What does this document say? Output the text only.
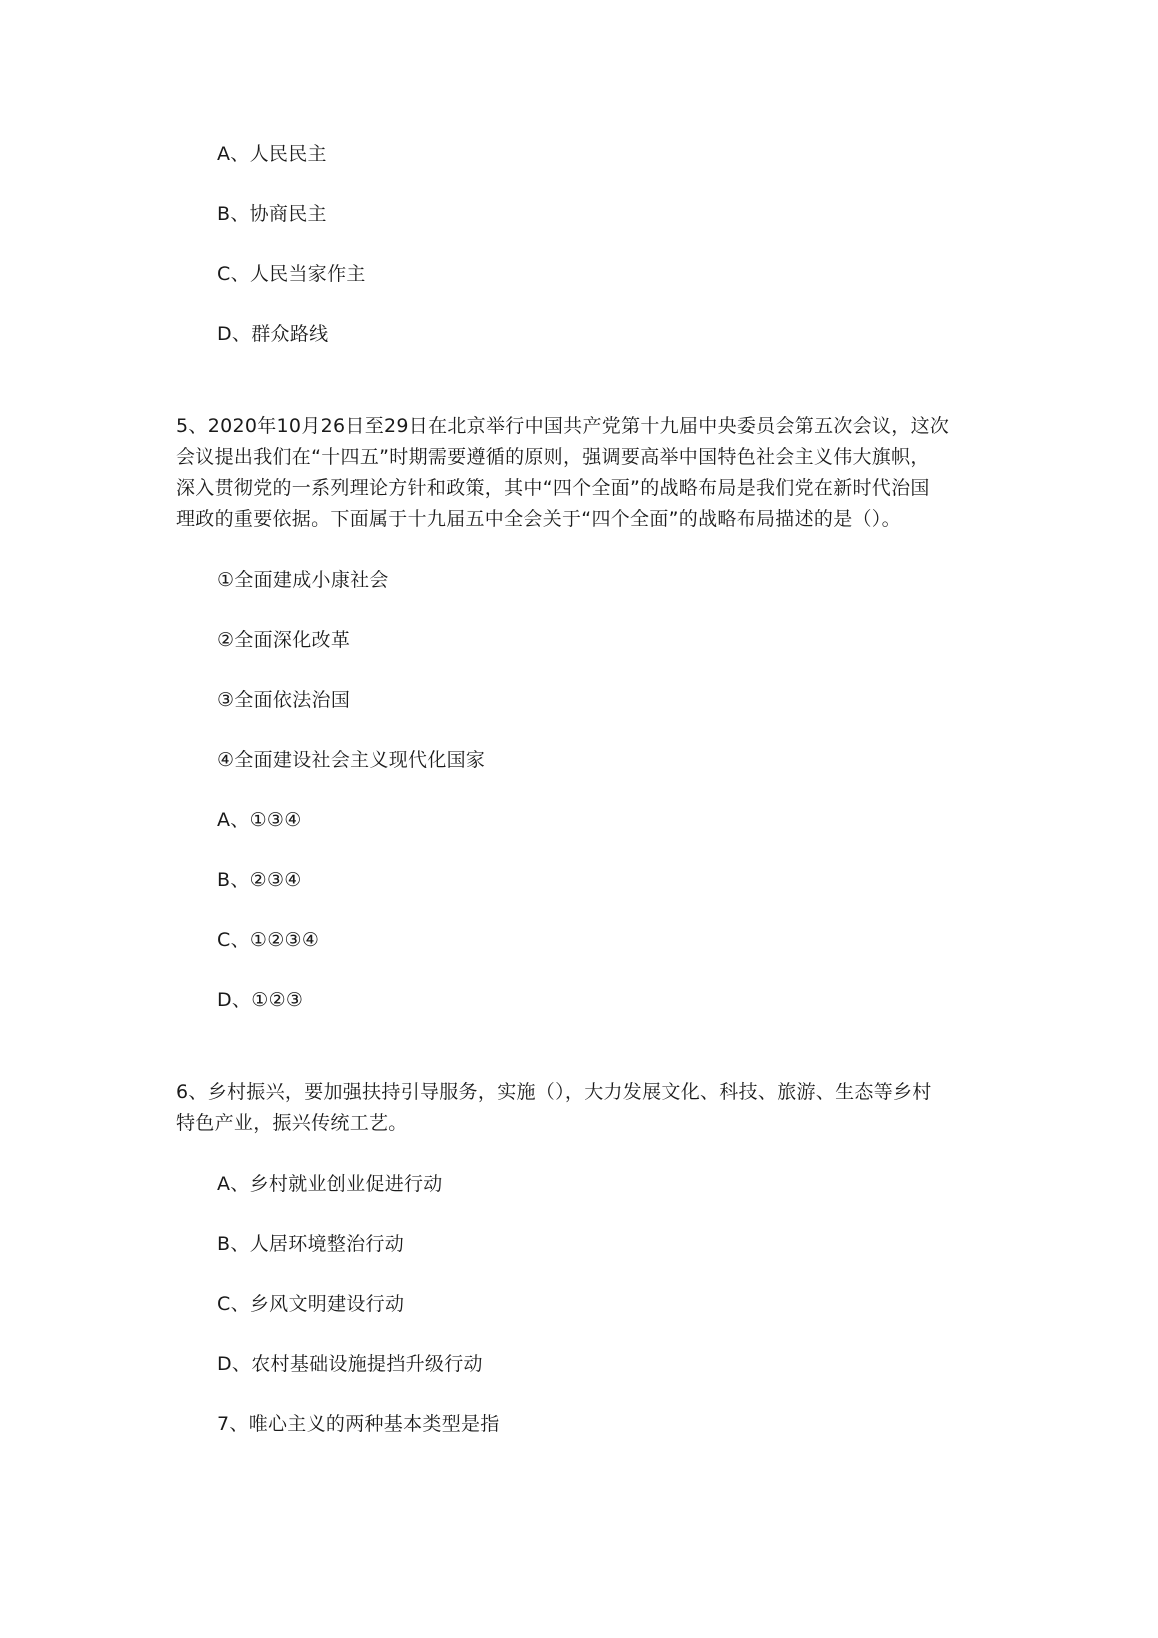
A、人民民主
B、协商民主
C、人民当家作主
D、群众路线
5、2020年10月26日至29日在北京举行中国共产党第十九届中央委员会第五次会议，这次
会议提出我们在“十四五”时期需要遵循的原则，强调要高举中国特色社会主义伟大旗帜，
深入贯彻党的一系列理论方针和政策，其中“四个全面”的战略布局是我们党在新时代治国
理政的重要依据。下面属于十九届五中全会关于“四个全面”的战略布局描述的是（）。
①全面建成小康社会
②全面深化改革
③全面依法治国
④全面建设社会主义现代化国家
A、①③④
B、②③④
C、①②③④
D、①②③
6、乡村振兴，要加强扶持引导服务，实施（），大力发展文化、科技、旅游、生态等乡村
特色产业，振兴传统工艺。
A、乡村就业创业促进行动
B、人居环境整治行动
C、乡风文明建设行动
D、农村基础设施提挡升级行动
7、唯心主义的两种基本类型是指
